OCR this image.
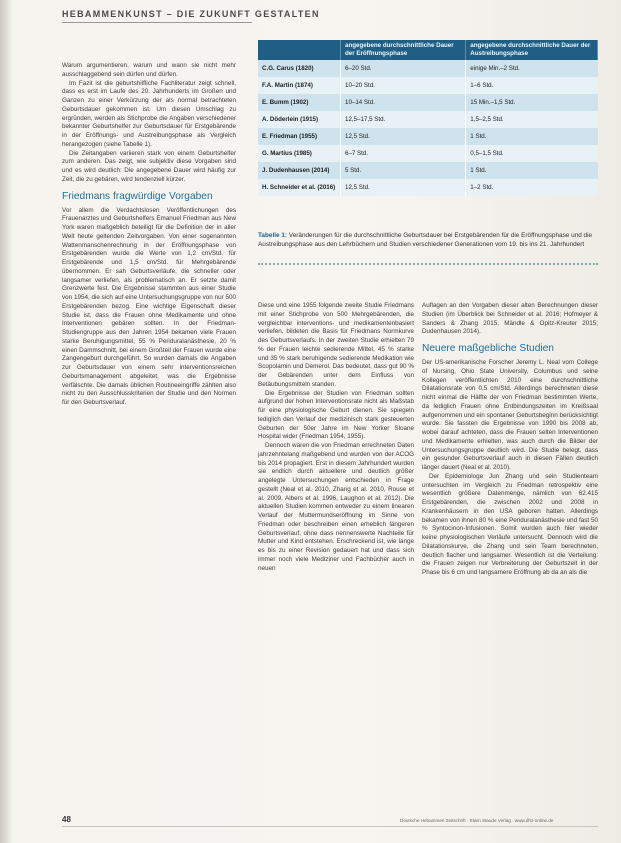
HEBAMMENKUNST – DIE ZUKUNFT GESTALTEN
	angegebene durchschnittliche Dauer der Eröffnungsphase	angegebene durchschnittliche Dauer der Austreibungsphase
C.G. Carus (1820)	6–20 Std.	einige Min.–2 Std.
F.A. Martin (1874)	10–20 Std.	1–6 Std.
E. Bumm (1902)	10–14 Std.	15 Min.–1,5 Std.
A. Döderlein (1915)	12,5–17,5 Std.	1,5–2,5 Std.
E. Friedman (1955)	12,5 Std.	1 Std.
G. Martius (1985)	6–7 Std.	0,5–1,5 Std.
J. Dudenhausen (2014)	5 Std.	1 Std.
H. Schneider et al. (2016)	12,5 Std.	1–2 Std.
Tabelle 1: Veränderungen für die durchschnittliche Geburtsdauer bei Erstgebärenden für die Eröffnungsphase und die Austreibungsphase aus den Lehrbüchern und Studien verschiedener Generationen vom 19. bis ins 21. Jahrhundert

Warum argumentieren, warum und wann sie nicht mehr ausschlaggebend sein dürfen und dürfen.

Im Fazit ist die geburtshilfliche Fachliteratur zeigt schnell, dass es erst im Laufe des 20. Jahrhunderts im Großen und Ganzen zu einer Verkürzung der als normal betrachteten Geburtsdauer gekommen ist. Um diesen Umschlag zu ergründen, werden als Stichprobe die Angaben verschiedener bekannter Geburtshelfer zur Geburtsdauer für Erstgebärende in der Eröffnungs- und Austreibungsphase als Vergleich herangezogen (siehe Tabelle 1).

Die Zeitangaben variieren stark von einem Geburtshelfer zum anderen. Das zeigt, wie subjektiv diese Vorgaben sind und es wird deutlich: Die angegebene Dauer wird häufig zur Zeit, die zu gebären, wird tendenziell kürzer.

Friedmans fragwürdige Vorgaben

Vor allem die Verdachtslosen Veröffentlichungen des Frauenarztes und Geburtshelfers Emanuel Friedman aus New York waren maßgeblich beteiligt für die Definition der in aller Welt heute geltenden Zeitvorgaben. Von einer sogenannten Wattenmanschenrechnung in der Eröffnungsphase von Erstgebärenden wurde die Werte von 1,2 cm/Std. für Erstgebärende und 1,5 cm/Std. für Mehrgebärende übernommen. Er sah Geburtsverläufe, die schneller oder langsamer verliefen, als problematisch an. Er setzte damit Grenzwerte fest. Die Ergebnisse stammten aus einer Studie von 1954, die sich auf eine Untersuchungsgruppe von nur 500 Erstgebärenden bezog. Eine wichtige Eigenschaft dieser Studie ist, dass die Frauen ohne Medikamente und ohne Interventionen gebären sollten. In der Friedman-Studiengruppe aus den Jahren 1954 bekamen viele Frauen starke Beruhigungsmittel, 55 % Periduralanästhesie, 20 % einen Dammschnitt, bei einem Großteil der Frauen wurde eine Zangengeburt durchgeführt. So wurden damals die Angaben zur Geburtsdauer von einem sehr interventionsreichen Geburtsmanagement abgeleitet, was die Ergebnisse verfälschte. Die damals üblichen Routineeingriffe zählten also nicht zu den Ausschlusskriterien der Studie und den Normen für den Geburtsverlauf.

Diese und eine 1955 folgende zweite Studie Friedmans mit einer Stichprobe von 500 Mehrgebärenden, die vergleichbar interventions- und medikamentenbasiert verliefen, bildeten die Basis für Friedmans Normkurve des Geburtsverlaufs. In der zweiten Studie erhielten 79 % der Frauen leichte sedierende Mittel, 45 % starke und 35 % stark beruhigende sedierende Medikation wie Scopolamin und Demerol. Das bedeutet, dass gut 90 % der Gebärenden unter dem Einfluss von Betäubungsmitteln standen.

Die Ergebnisse der Studien von Friedman sollten aufgrund der hohen Interventionsrate nicht als Maßstab für eine physiologische Geburt dienen. Sie spiegeln lediglich den Verlauf der medizinisch stark gesteuerten Geburten der 50er Jahre im New Yorker Sloane Hospital wider (Friedman 1954, 1955).

Dennoch waren die von Friedman errechneten Daten jahrzehntelang maßgebend und wurden von der ACOG bis 2014 propagiert. Erst in diesem Jahrhundert wurden sie endlich durch aktuellere und deutlich größer angelegte Untersuchungen entschieden in Frage gestellt (Neal et al. 2010, Zhang et al. 2010, Rouse et al. 2009, Albers et al. 1996, Laughon et al. 2012). Die aktuellen Studien kommen entweder zu einem linearen Verlauf der Muttermundseröffnung im Sinne von Friedman oder beschreiben einen erheblich längeren Geburtsverlauf, ohne dass nennenswerte Nachteile für Mutter und Kind entstehen. Erschreckend ist, wie lange es bis zu einer Revision gedauert hat und dass sich immer noch viele Mediziner und Fachbücher auch in neuen

Auflagen an den Vorgaben dieser alten Berechnungen dieser Studien (im Überblick bei Schneider et al. 2016; Hofmeyer & Sanders & Zhang 2015, Mändle & Opitz-Kreuter 2015; Dudenhausen 2014).

Neuere maßgebliche Studien

Der US-amerikanische Forscher Jeremy L. Neal vom College of Nursing, Ohio State University, Columbus und seine Kollegen veröffentlichten 2010 eine durchschnittliche Dilatationsrate von 0,5 cm/Std. Allerdings berechneten diese nicht einmal die Hälfte der von Friedman bestimmten Werte, da lediglich Frauen ohne Entbindungszeiten im Kreißsaal aufgenommen und ein spontaner Geburtsbeginn berücksichtigt wurde. Sie fassten die Ergebnisse von 1990 bis 2008 ab, wobei darauf achteten, dass die Frauen selten Interventionen und Medikamente erhielten, was auch durch die Bilder der Untersuchungsgruppe deutlich wird. Die Studie belegt, dass ein gesunder Geburtsverlauf auch in diesen Fällen deutlich länger dauert (Neal et al. 2010).

Der Epidemiologe Jun Zhang und sein Studienteam untersuchten im Vergleich zu Friedman retrospektiv eine wesentlich größere Datenmenge, nämlich von 62.415 Erstgebärenden, die zwischen 2002 und 2008 in Krankenhäusern in den USA geboren hatten. Allerdings bekamen von ihnen 80 % eine Periduralanästhesie und fast 50 % Syntocinon-Infusionen. Somit wurden auch hier wieder keine physiologischen Verläufe untersucht. Dennoch wird die Dilatationskurve, die Zhang und sein Team berechneten, deutlich flacher und langsamer. Wesentlich ist die Verteilung: die Frauen zeigen nur Verbreiterung der Geburtszeit in der Phase bis 6 cm und langsamere Eröffnung ab da an als die

48	Deutsche Hebammen Zeitschrift · Elwin Staude Verlag · www.dhz-online.de
